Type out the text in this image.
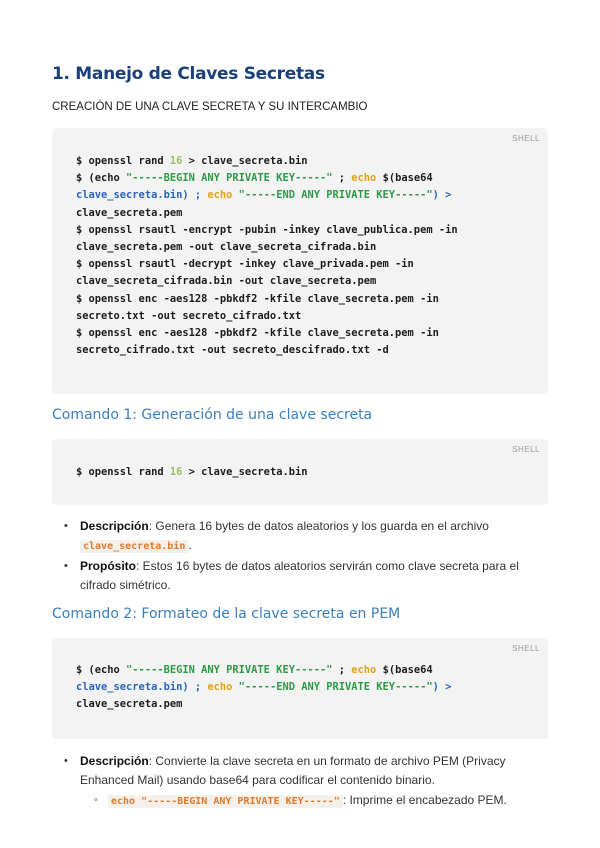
1. Manejo de Claves Secretas
CREACIÓN DE UNA CLAVE SECRETA Y SU INTERCAMBIO
SHELL
$ openssl rand 16 > clave_secreta.bin
$ (echo "-----BEGIN ANY PRIVATE KEY-----" ; echo $(base64
clave_secreta.bin) ; echo "-----END ANY PRIVATE KEY-----") >
clave_secreta.pem
$ openssl rsautl -encrypt -pubin -inkey clave_publica.pem -in
clave_secreta.pem -out clave_secreta_cifrada.bin
$ openssl rsautl -decrypt -inkey clave_privada.pem -in
clave_secreta_cifrada.bin -out clave_secreta.pem
$ openssl enc -aes128 -pbkdf2 -kfile clave_secreta.pem -in
secreto.txt -out secreto_cifrado.txt
$ openssl enc -aes128 -pbkdf2 -kfile clave_secreta.pem -in
secreto_cifrado.txt -out secreto_descifrado.txt -d
Comando 1: Generación de una clave secreta
SHELL
$ openssl rand 16 > clave_secreta.bin
• Descripción: Genera 16 bytes de datos aleatorios y los guarda en el archivo
clave_secreta.bin .
• Propósito: Estos 16 bytes de datos aleatorios servirán como clave secreta para el cifrado simétrico.
Comando 2: Formateo de la clave secreta en PEM
SHELL
$ (echo "-----BEGIN ANY PRIVATE KEY-----" ; echo $(base64
clave_secreta.bin) ; echo "-----END ANY PRIVATE KEY-----") >
clave_secreta.pem
• Descripción: Convierte la clave secreta en un formato de archivo PEM (Privacy Enhanced Mail) usando base64 para codificar el contenido binario.
◦ echo "-----BEGIN ANY PRIVATE KEY-----" : Imprime el encabezado PEM.
